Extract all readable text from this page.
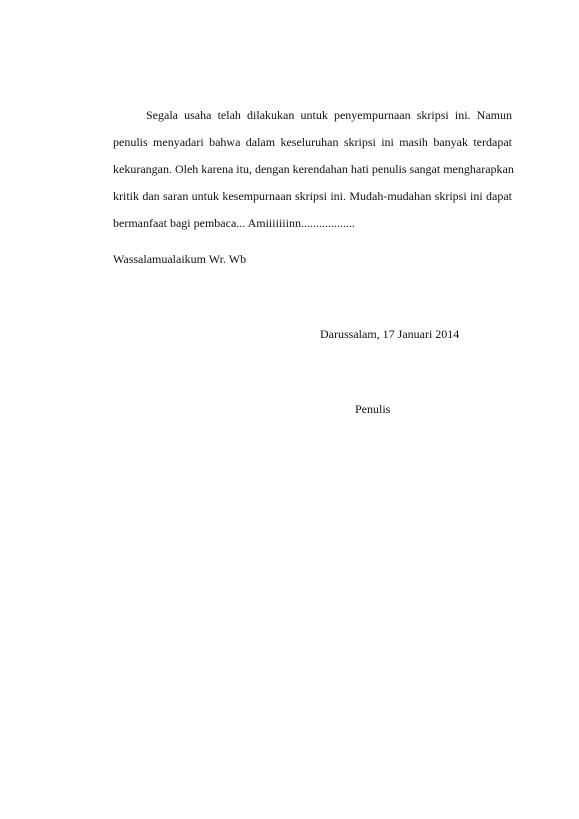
Segala usaha telah dilakukan untuk penyempurnaan skripsi ini. Namun
penulis menyadari bahwa dalam keseluruhan skripsi ini masih banyak terdapat
kekurangan. Oleh karena itu, dengan kerendahan hati penulis sangat mengharapkan
kritik dan saran untuk kesempurnaan skripsi ini. Mudah-mudahan skripsi ini dapat
bermanfaat bagi pembaca... Amiiiiiiinn..................
Wassalamualaikum Wr. Wb
Darussalam, 17 Januari 2014
Penulis
